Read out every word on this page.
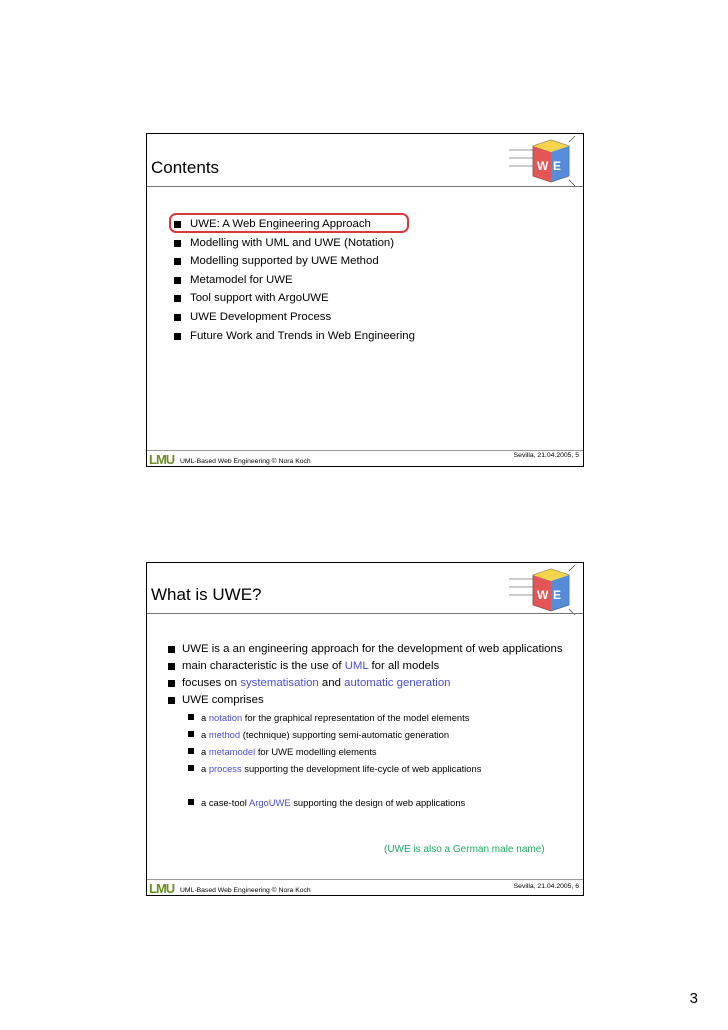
Contents	E
W
UWE: A Web Engineering Approach
Modelling with UML and UWE (Notation)
Modelling supported by UWE Method
Metamodel for UWE
Tool support with ArgoUWE
UWE Development Process
Future Work and Trends in Web Engineering
LMU UML-Based Web Engineering © Nora Koch
Sevilla, 21.04.2005, 5
What is UWE?	E
W
UWE is a an engineering approach for the development of web applications
main characteristic is the use of UML for all models
focuses on systematisation and automatic generation
UWE comprises
a notation for the graphical representation of the model elements
a method (technique) supporting semi-automatic generation
a metamodel for UWE modelling elements
a process supporting the development life-cycle of web applications
a case-tool ArgoUWE supporting the design of web applications
(UWE is also a German male name)
LMU UML-Based Web Engineering © Nora Koch
Sevilla, 21.04.2005, 6
3
